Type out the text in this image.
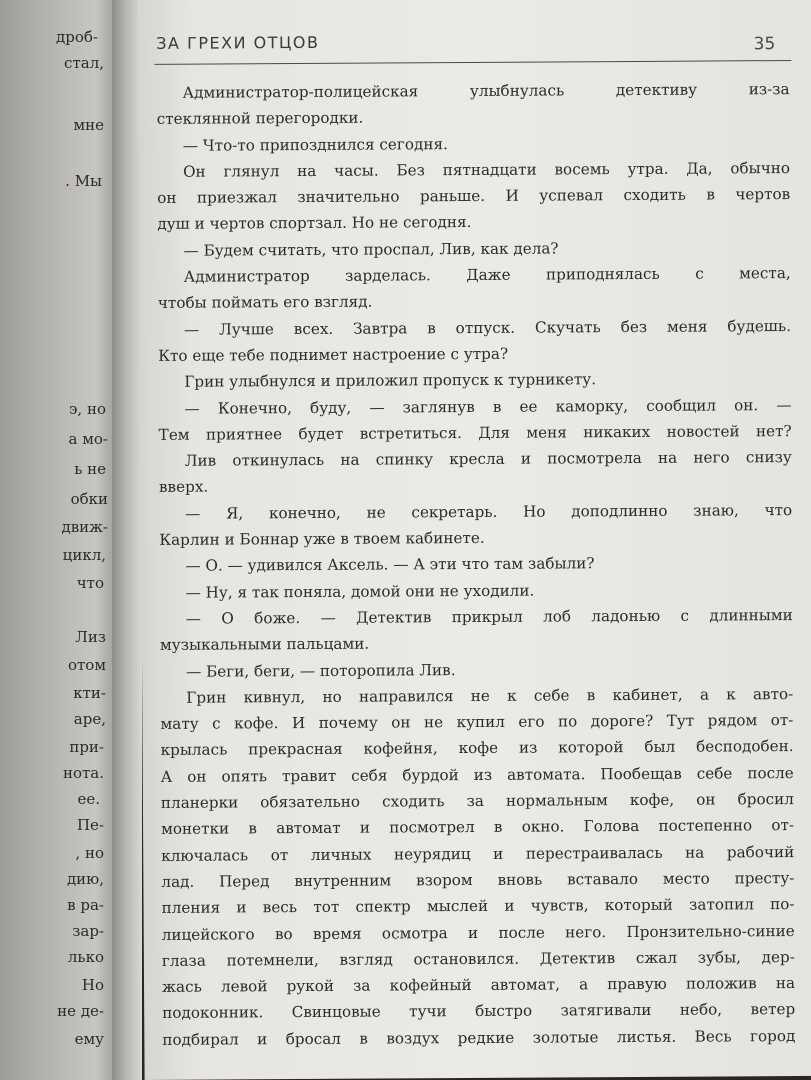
дроб-
стал,
мне
. Мы
э, но
а мо-
ь не
обки
движ-
цикл,
что
Лиз
отом
кти-
аре,
при-
нота.
ее.
Пе-
, но
дию,
в ра-
зар-
лько
Но
не де-
ему
ЗА ГРЕХИ ОТЦОВ	35
Администратор-полицейская улыбнулась детективу из-за
стеклянной перегородки.
— Что-то припозднился сегодня.
Он глянул на часы. Без пятнадцати восемь утра. Да, обычно
он приезжал значительно раньше. И успевал сходить в чертов
душ и чертов спортзал. Но не сегодня.
— Будем считать, что проспал, Лив, как дела?
Администратор зарделась. Даже приподнялась с места,
чтобы поймать его взгляд.
— Лучше всех. Завтра в отпуск. Скучать без меня будешь.
Кто еще тебе поднимет настроение с утра?
Грин улыбнулся и приложил пропуск к турникету.
— Конечно, буду, — заглянув в ее каморку, сообщил он. —
Тем приятнее будет встретиться. Для меня никаких новостей нет?
Лив откинулась на спинку кресла и посмотрела на него снизу
вверх.
— Я, конечно, не секретарь. Но доподлинно знаю, что
Карлин и Боннар уже в твоем кабинете.
— О. — удивился Аксель. — А эти что там забыли?
— Ну, я так поняла, домой они не уходили.
— О боже. — Детектив прикрыл лоб ладонью с длинными
музыкальными пальцами.
— Беги, беги, — поторопила Лив.
Грин кивнул, но направился не к себе в кабинет, а к авто-
мату с кофе. И почему он не купил его по дороге? Тут рядом от-
крылась прекрасная кофейня, кофе из которой был бесподобен.
А он опять травит себя бурдой из автомата. Пообещав себе после
планерки обязательно сходить за нормальным кофе, он бросил
монетки в автомат и посмотрел в окно. Голова постепенно от-
ключалась от личных неурядиц и перестраивалась на рабочий
лад. Перед внутренним взором вновь вставало место престу-
пления и весь тот спектр мыслей и чувств, который затопил по-
лицейского во время осмотра и после него. Пронзительно-синие
глаза потемнели, взгляд остановился. Детектив сжал зубы, дер-
жась левой рукой за кофейный автомат, а правую положив на
подоконник. Свинцовые тучи быстро затягивали небо, ветер
подбирал и бросал в воздух редкие золотые листья. Весь город
